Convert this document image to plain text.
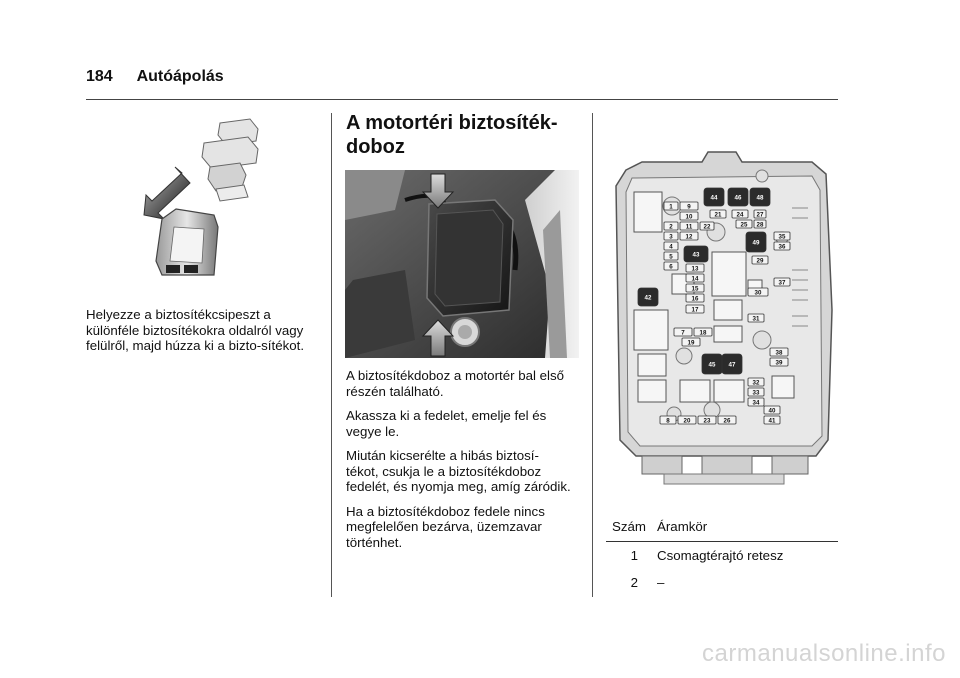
184 Autóápolás

Helyezze a biztosítékcsipeszt a különféle biztosítékokra oldalról vagy felülről, majd húzza ki a bizto-sítékot.

A motortéri biztosíték-
doboz

A biztosítékdoboz a motortér bal első részén található.

Akassza ki a fedelet, emelje fel és vegye le.

Miután kicserélte a hibás biztosí-tékot, csukja le a biztosítékdoboz fedelét, és nyomja meg, amíg záródik.

Ha a biztosítékdoboz fedele nincs megfelelően bezárva, üzemzavar történhet.

1 9
10
2 11 22
3 12
4
43
5
6	13
14
15
16
17
7 18
19
21 24 27
25 28
44	46 48
49
35
36
29
37
30
31
38
39
32
33
34
40
41
42
45 47
8 20 23 26
Szám Áramkör
1	Csomagtérajtó retesz
2	–
carmanualsonline.info
